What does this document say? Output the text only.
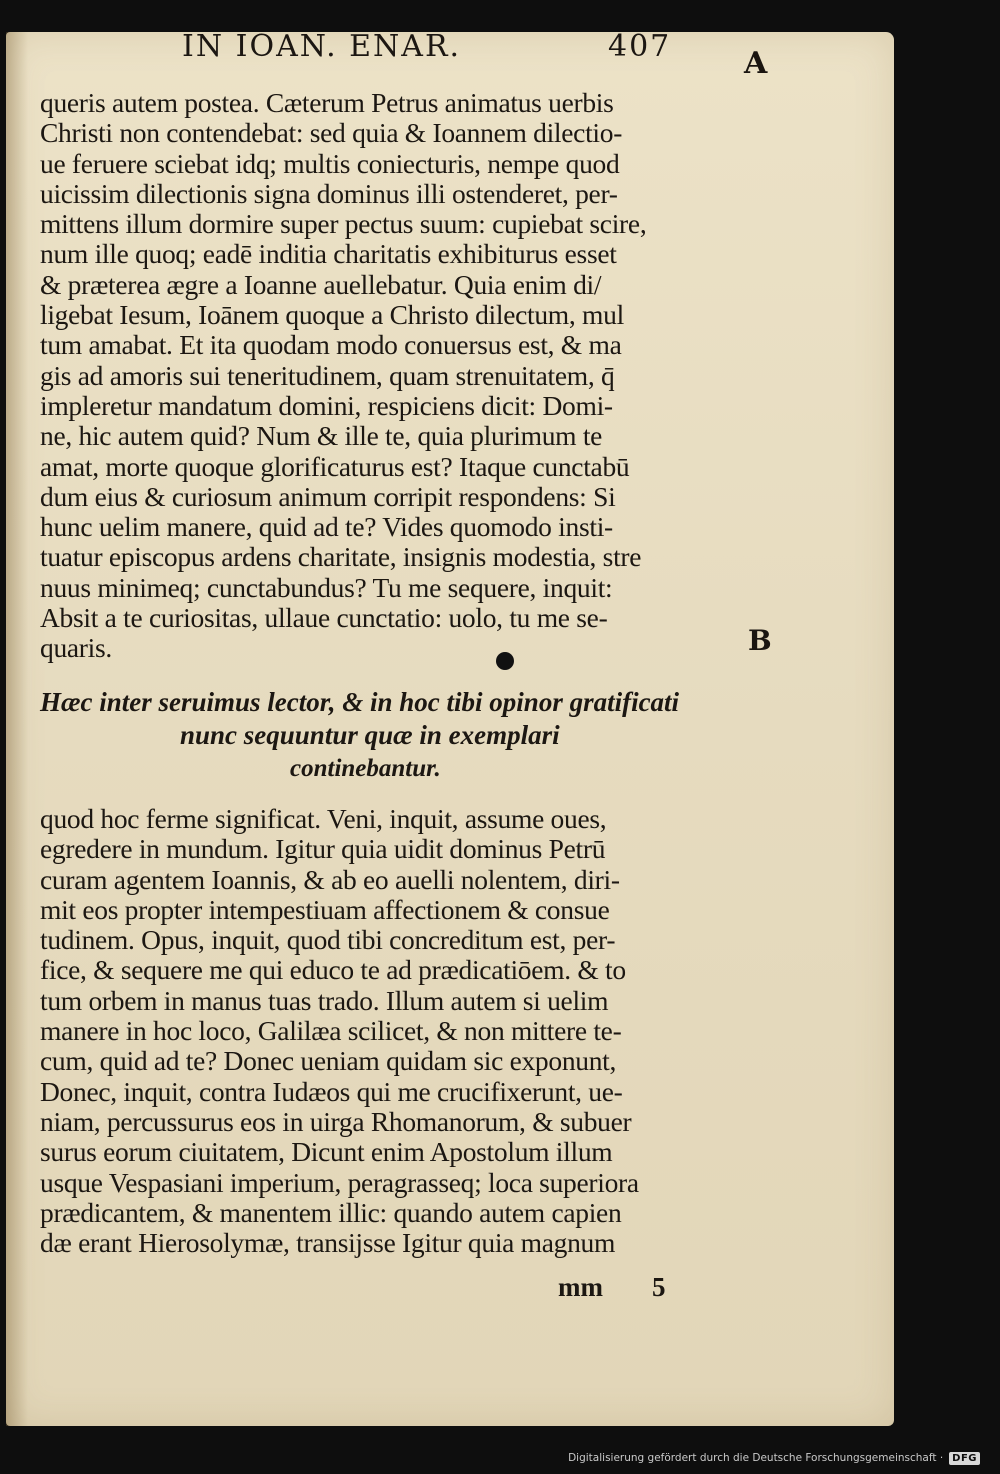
IN IOAN. ENAR.	407 A
B
queris autem postea. Cæterum Petrus animatus uerbis
Christi non contendebat: sed quia & Ioannem dilectio-
ue feruere sciebat idq; multis coniecturis, nempe quod
uicissim dilectionis signa dominus illi ostenderet, per-
mittens illum dormire super pectus suum: cupiebat scire,
num ille quoq; eadē inditia charitatis exhibiturus esset
& præterea ægre a Ioanne auellebatur. Quia enim di/
ligebat Iesum, Ioānem quoque a Christo dilectum, mul
tum amabat. Et ita quodam modo conuersus est, & ma
gis ad amoris sui teneritudinem, quam strenuitatem, q̄
impleretur mandatum domini, respiciens dicit: Domi-
ne, hic autem quid? Num & ille te, quia plurimum te
amat, morte quoque glorificaturus est? Itaque cunctabū
dum eius & curiosum animum corripit respondens: Si
hunc uelim manere, quid ad te? Vides quomodo insti-
tuatur episcopus ardens charitate, insignis modestia, stre
nuus minimeq; cunctabundus? Tu me sequere, inquit:
Absit a te curiositas, ullaue cunctatio: uolo, tu me se-
quaris.
Hæc inter seruimus lector, & in hoc tibi opinor gratificati
nunc sequuntur quæ in exemplari
continebantur.
quod hoc ferme significat. Veni, inquit, assume oues,
egredere in mundum. Igitur quia uidit dominus Petrū
curam agentem Ioannis, & ab eo auelli nolentem, diri-
mit eos propter intempestiuam affectionem & consue
tudinem. Opus, inquit, quod tibi concreditum est, per-
fice, & sequere me qui educo te ad prædicatiōem. & to
tum orbem in manus tuas trado. Illum autem si uelim
manere in hoc loco, Galilæa scilicet, & non mittere te-
cum, quid ad te? Donec ueniam quidam sic exponunt,
Donec, inquit, contra Iudæos qui me crucifixerunt, ue-
niam, percussurus eos in uirga Rhomanorum, & subuer
surus eorum ciuitatem, Dicunt enim Apostolum illum
usque Vespasiani imperium, peragrasseq; loca superiora
prædicantem, & manentem illic: quando autem capien
dæ erant Hierosolymæ, transijsse Igitur quia magnum
mm 5
Digitalisierung gefördert durch die Deutsche Forschungsgemeinschaft · DFG
